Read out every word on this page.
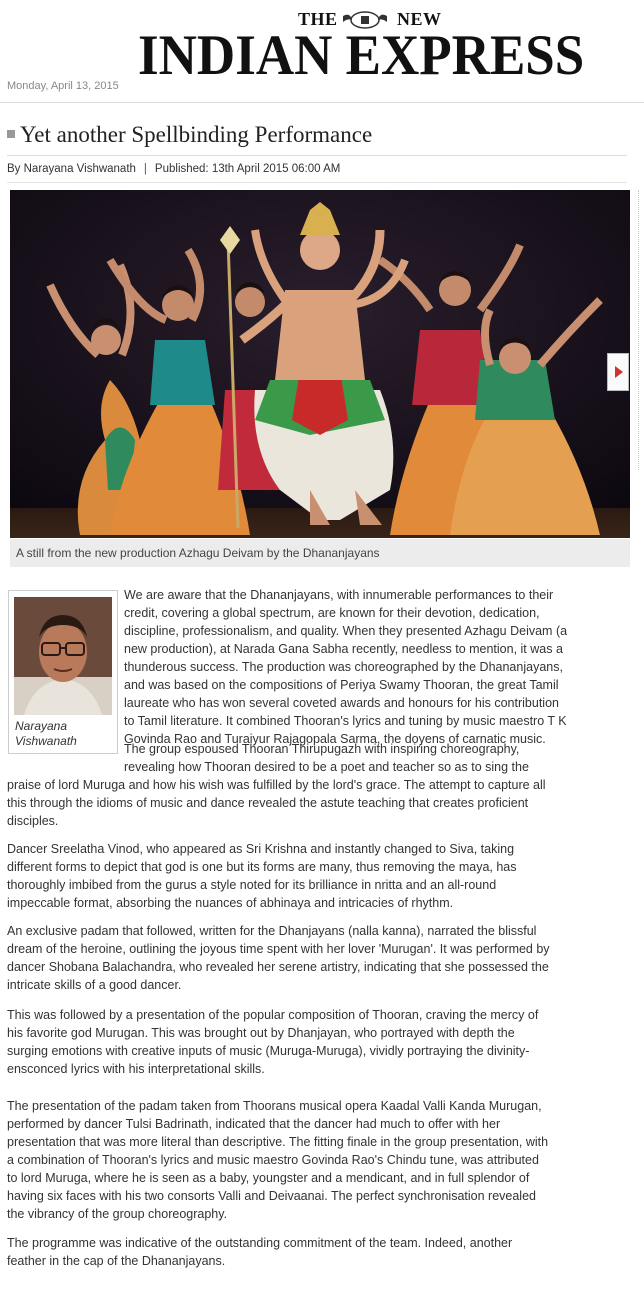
THE	NEW
INDIAN EXPRESS
Monday, April 13, 2015
Yet another Spellbinding Performance
By Narayana Vishwanath | Published: 13th April 2015 06:00 AM
A still from the new production Azhagu Deivam by the Dhananjayans
Narayana
Vishwanath
We are aware that the Dhananjayans, with innumerable performances to their
credit, covering a global spectrum, are known for their devotion, dedication,
discipline, professionalism, and quality. When they presented Azhagu Deivam (a
new production), at Narada Gana Sabha recently, needless to mention, it was a
thunderous success. The production was choreographed by the Dhananjayans,
and was based on the compositions of Periya Swamy Thooran, the great Tamil
laureate who has won several coveted awards and honours for his contribution
to Tamil literature. It combined Thooran's lyrics and tuning by music maestro T K
Govinda Rao and Turaiyur Rajagopala Sarma, the doyens of carnatic music.
The group espoused Thooran Thirupugazh with inspiring choreography,
revealing how Thooran desired to be a poet and teacher so as to sing the
praise of lord Muruga and how his wish was fulfilled by the lord's grace. The attempt to capture all
this through the idioms of music and dance revealed the astute teaching that creates proficient
disciples.
Dancer Sreelatha Vinod, who appeared as Sri Krishna and instantly changed to Siva, taking
different forms to depict that god is one but its forms are many, thus removing the maya, has
thoroughly imbibed from the gurus a style noted for its brilliance in nritta and an all-round
impeccable format, absorbing the nuances of abhinaya and intricacies of rhythm.
An exclusive padam that followed, written for the Dhanjayans (nalla kanna), narrated the blissful
dream of the heroine, outlining the joyous time spent with her lover 'Murugan'. It was performed by
dancer Shobana Balachandra, who revealed her serene artistry, indicating that she possessed the
intricate skills of a good dancer.
This was followed by a presentation of the popular composition of Thooran, craving the mercy of
his favorite god Murugan. This was brought out by Dhanjayan, who portrayed with depth the
surging emotions with creative inputs of music (Muruga-Muruga), vividly portraying the divinity-
ensconced lyrics with his interpretational skills.
The presentation of the padam taken from Thoorans musical opera Kaadal Valli Kanda Murugan,
performed by dancer Tulsi Badrinath, indicated that the dancer had much to offer with her
presentation that was more literal than descriptive. The fitting finale in the group presentation, with
a combination of Thooran's lyrics and music maestro Govinda Rao's Chindu tune, was attributed
to lord Muruga, where he is seen as a baby, youngster and a mendicant, and in full splendor of
having six faces with his two consorts Valli and Deivaanai. The perfect synchronisation revealed
the vibrancy of the group choreography.
The programme was indicative of the outstanding commitment of the team. Indeed, another
feather in the cap of the Dhananjayans.
